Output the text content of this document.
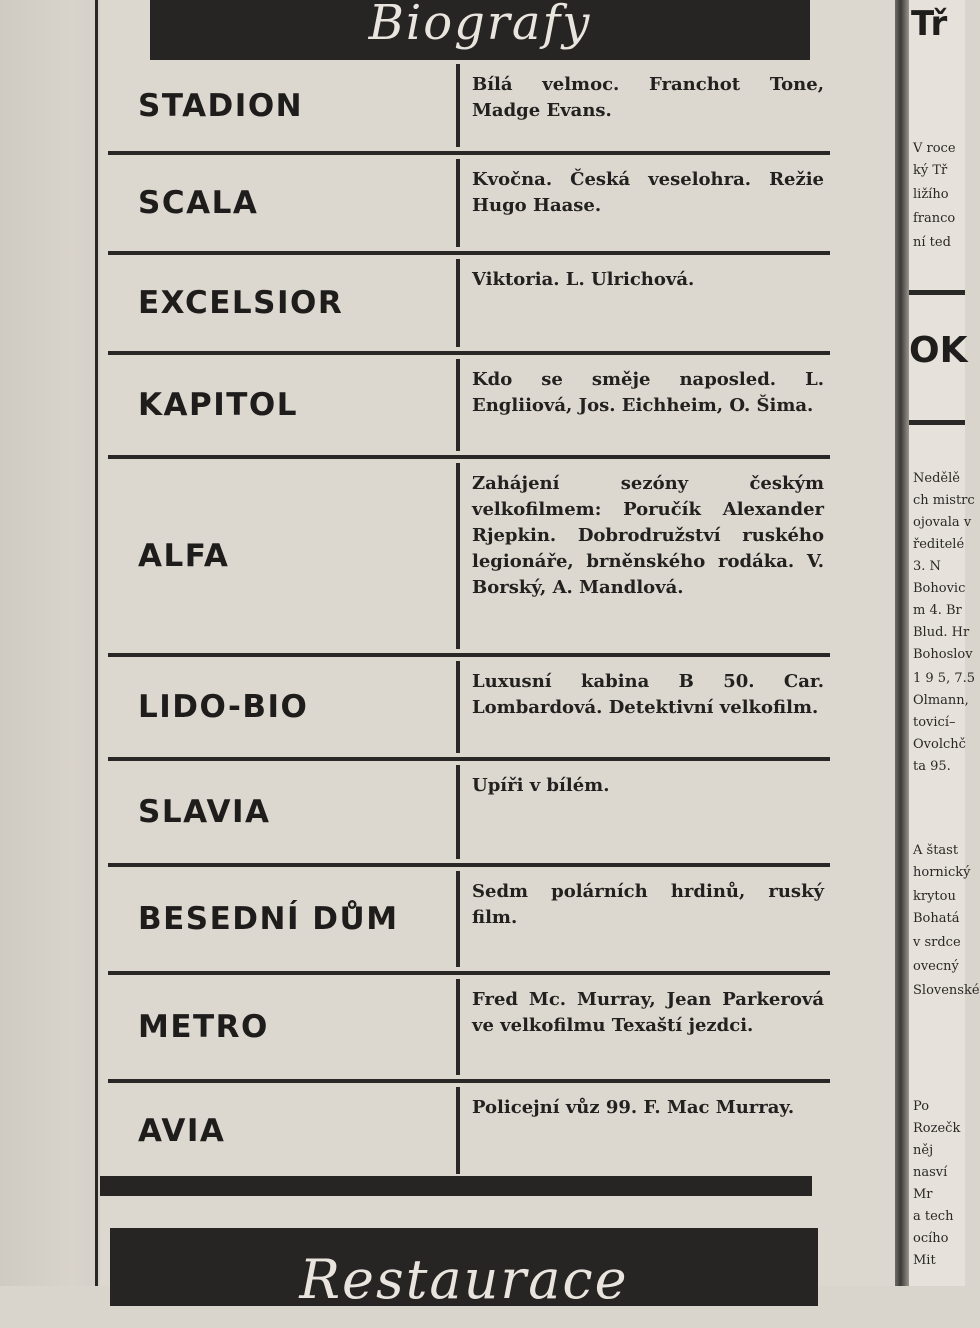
Biografy
STADION
Bílá velmoc. Franchot Tone, Madge Evans.
SCALA
Kvočna. Česká veselohra. Režie Hugo Haase.
EXCELSIOR
Viktoria. L. Ulrichová.
KAPITOL
Kdo se směje naposled. L. Engliiová, Jos. Eichheim, O. Šima.
ALFA
Zahájení sezóny českým velkofilmem: Poručík Alexander Rjepkin. Dobrodružství ruského legionáře, brněnského rodáka. V. Borský, A. Mandlová.
LIDO-BIO
Luxusní kabina B 50. Car. Lombardová. Detektivní velkofilm.
SLAVIA
Upíři v bílém.
BESEDNÍ DŮM
Sedm polárních hrdinů, ruský film.
METRO
Fred Mc. Murray, Jean Parkerová ve velkofilmu Texaští jezdci.
AVIA
Policejní vůz 99. F. Mac Murray.
Restaurace
Tř
OK
V roce
ký Tř
ližího
franco
ní ted
Nedělě
ch mistrc
ojovala v
ředitelé
3. N
Bohovic
m 4. Br
Blud. Hr
Bohoslov
1 9 5, 7.5
Olmann,
tovicí–
Ovolchč
ta 95.
A štast
hornický
krytou
Bohatá
v srdce
ovecný
Slovenské
Po
Rozečk
něj
nasví
Mr
a tech
ocího
Mit
